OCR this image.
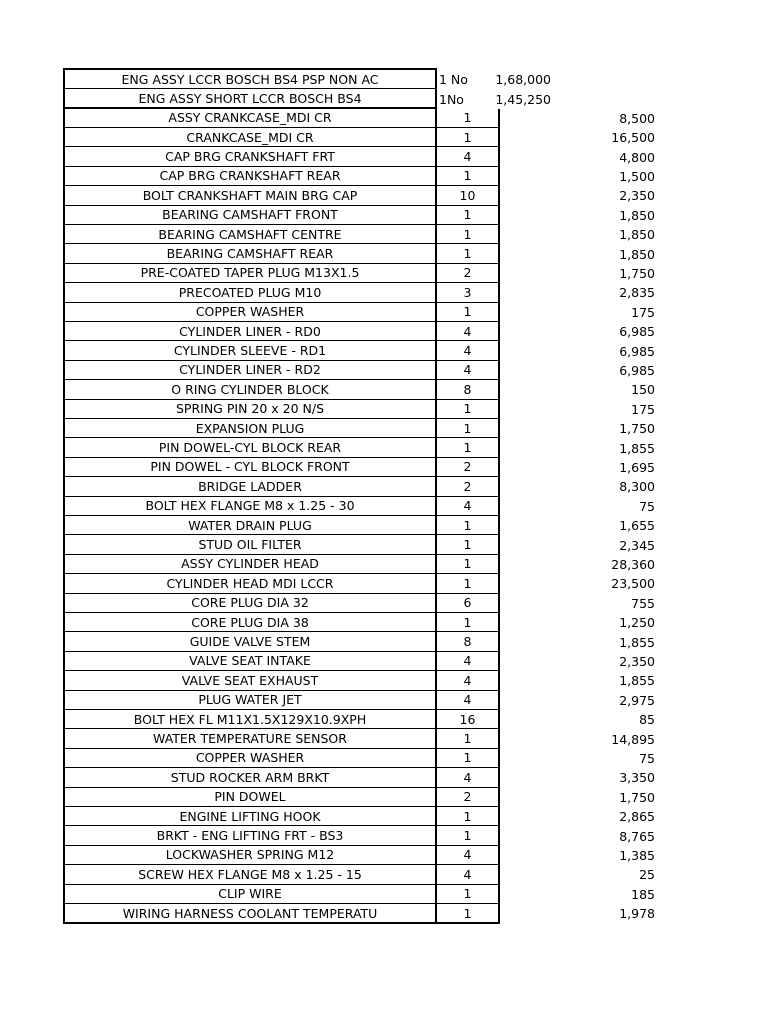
ENG ASSY LCCR BOSCH BS4 PSP NON AC	1 No 1,68,000
ENG ASSY SHORT LCCR BOSCH BS4	1No	1,45,250
ASSY CRANKCASE_MDI CR	1	8,500
CRANKCASE_MDI CR	1	16,500
CAP BRG CRANKSHAFT FRT	4	4,800
CAP BRG CRANKSHAFT REAR	1	1,500
BOLT CRANKSHAFT MAIN BRG CAP	10	2,350
BEARING CAMSHAFT FRONT	1	1,850
BEARING CAMSHAFT CENTRE	1	1,850
BEARING CAMSHAFT REAR	1	1,850
PRE-COATED TAPER PLUG M13X1.5	2	1,750
PRECOATED PLUG M10	3	2,835
COPPER WASHER	1	175
CYLINDER LINER - RD0	4	6,985
CYLINDER SLEEVE - RD1	4	6,985
CYLINDER LINER - RD2	4	6,985
O RING CYLINDER BLOCK	8	150
SPRING PIN 20 x 20 N/S	1	175
EXPANSION PLUG	1	1,750
PIN DOWEL-CYL BLOCK REAR	1	1,855
PIN DOWEL - CYL BLOCK FRONT	2	1,695
BRIDGE LADDER	2	8,300
BOLT HEX FLANGE M8 x 1.25 - 30	4	75
WATER DRAIN PLUG	1	1,655
STUD OIL FILTER	1	2,345
ASSY CYLINDER HEAD	1	28,360
CYLINDER HEAD MDI LCCR	1	23,500
CORE PLUG DIA 32	6	755
CORE PLUG DIA 38	1	1,250
GUIDE VALVE STEM	8	1,855
VALVE SEAT INTAKE	4	2,350
VALVE SEAT EXHAUST	4	1,855
PLUG WATER JET	4	2,975
BOLT HEX FL M11X1.5X129X10.9XPH	16	85
WATER TEMPERATURE SENSOR	1	14,895
COPPER WASHER	1	75
STUD ROCKER ARM BRKT	4	3,350
PIN DOWEL	2	1,750
ENGINE LIFTING HOOK	1	2,865
BRKT - ENG LIFTING FRT - BS3	1	8,765
LOCKWASHER SPRING M12	4	1,385
SCREW HEX FLANGE M8 x 1.25 - 15	4	25
CLIP WIRE	1	185
WIRING HARNESS COOLANT TEMPERATU	1	1,978
